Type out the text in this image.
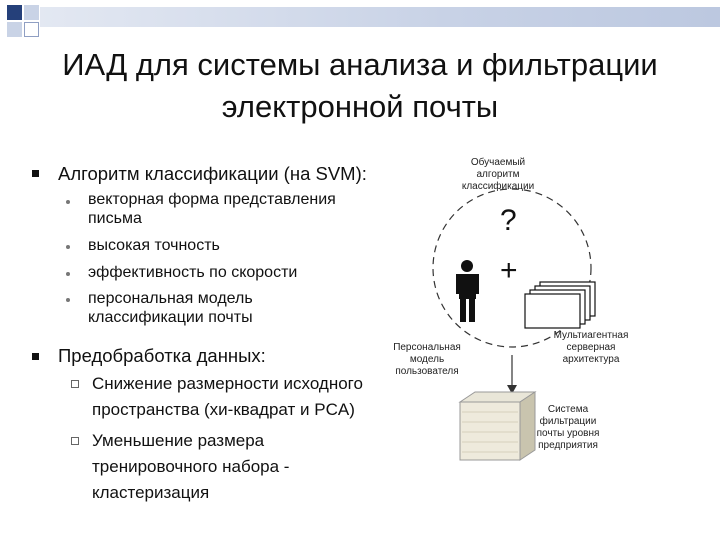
ИАД для системы анализа и фильтрации
электронной почты
Алгоритм классификации (на SVM):
векторная форма представления письма
высокая точность
эффективность по скорости
персональная модель классификации почты
Предобработка данных:
Снижение размерности исходного пространства (хи-квадрат и PCA)
Уменьшение размера тренировочного набора - кластеризация
Обучаемый алгоритм классификации
?
+
Персональная модель пользователя
Мультиагентная серверная архитектура
Система фильтрации почты уровня предприятия
